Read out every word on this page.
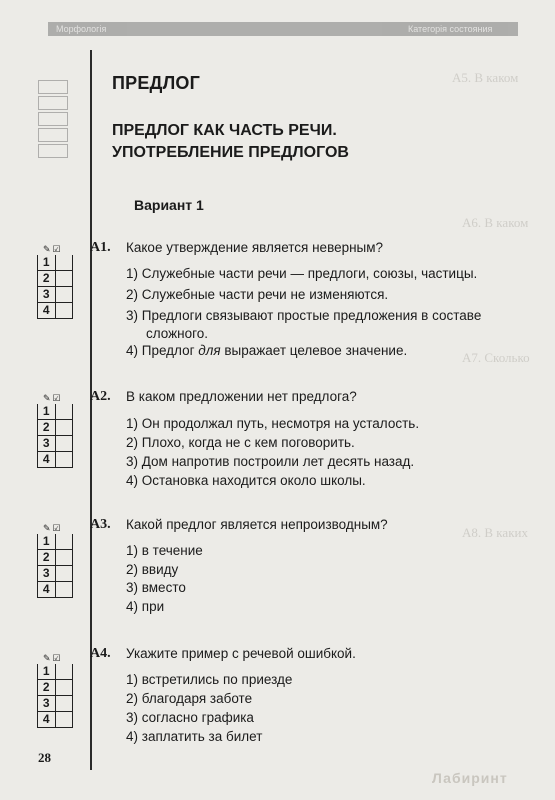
Морфологія	Категорія состояния
A5. В каком
A6. В каком
A7. Сколько
A8. В каких
ПРЕДЛОГ
ПРЕДЛОГ КАК ЧАСТЬ РЕЧИ.
УПОТРЕБЛЕНИЕ ПРЕДЛОГОВ
Вариант 1
✎☑
1
2
3
4
А1. Какое утверждение является неверным?
1) Служебные части речи — предлоги, союзы, частицы.
2) Служебные части речи не изменяются.
3) Предлоги связывают простые предложения в составе
сложного.
4) Предлог для выражает целевое значение.
✎☑
1
2
3
4
А2. В каком предложении нет предлога?
1) Он продолжал путь, несмотря на усталость.
2) Плохо, когда не с кем поговорить.
3) Дом напротив построили лет десять назад.
4) Остановка находится около школы.
✎☑
1
2
3
4
А3. Какой предлог является непроизводным?
1) в течение
2) ввиду
3) вместо
4) при
✎☑
1
2
3
4
А4. Укажите пример с речевой ошибкой.
1) встретились по приезде
2) благодаря заботе
3) согласно графика
4) заплатить за билет
28
Лабиринт
